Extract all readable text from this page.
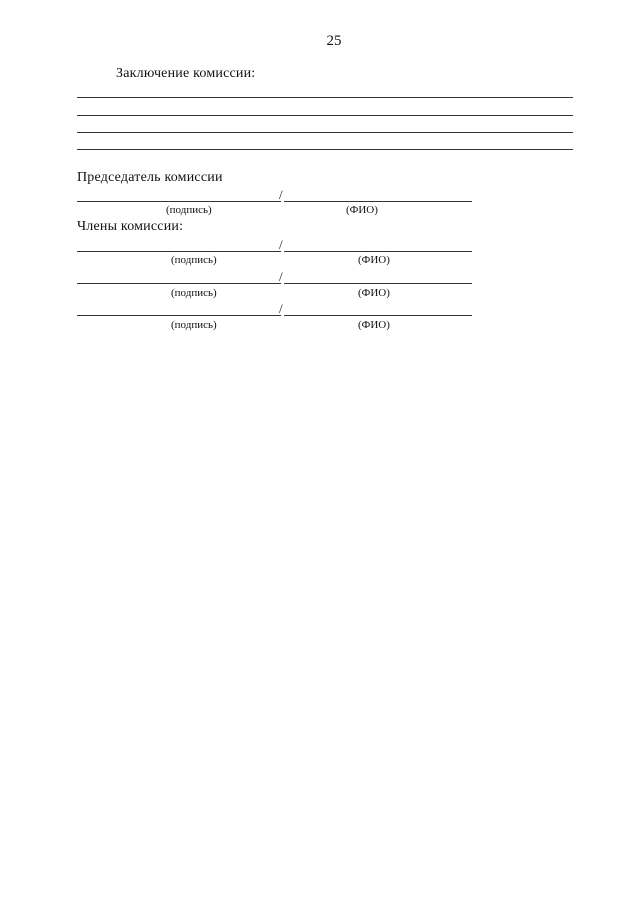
25
Заключение комиссии:
Председатель комиссии
/
(подпись)	(ФИО)
Члены комиссии:
/
(подпись)	(ФИО)
/
(подпись)	(ФИО)
/
(подпись)	(ФИО)
